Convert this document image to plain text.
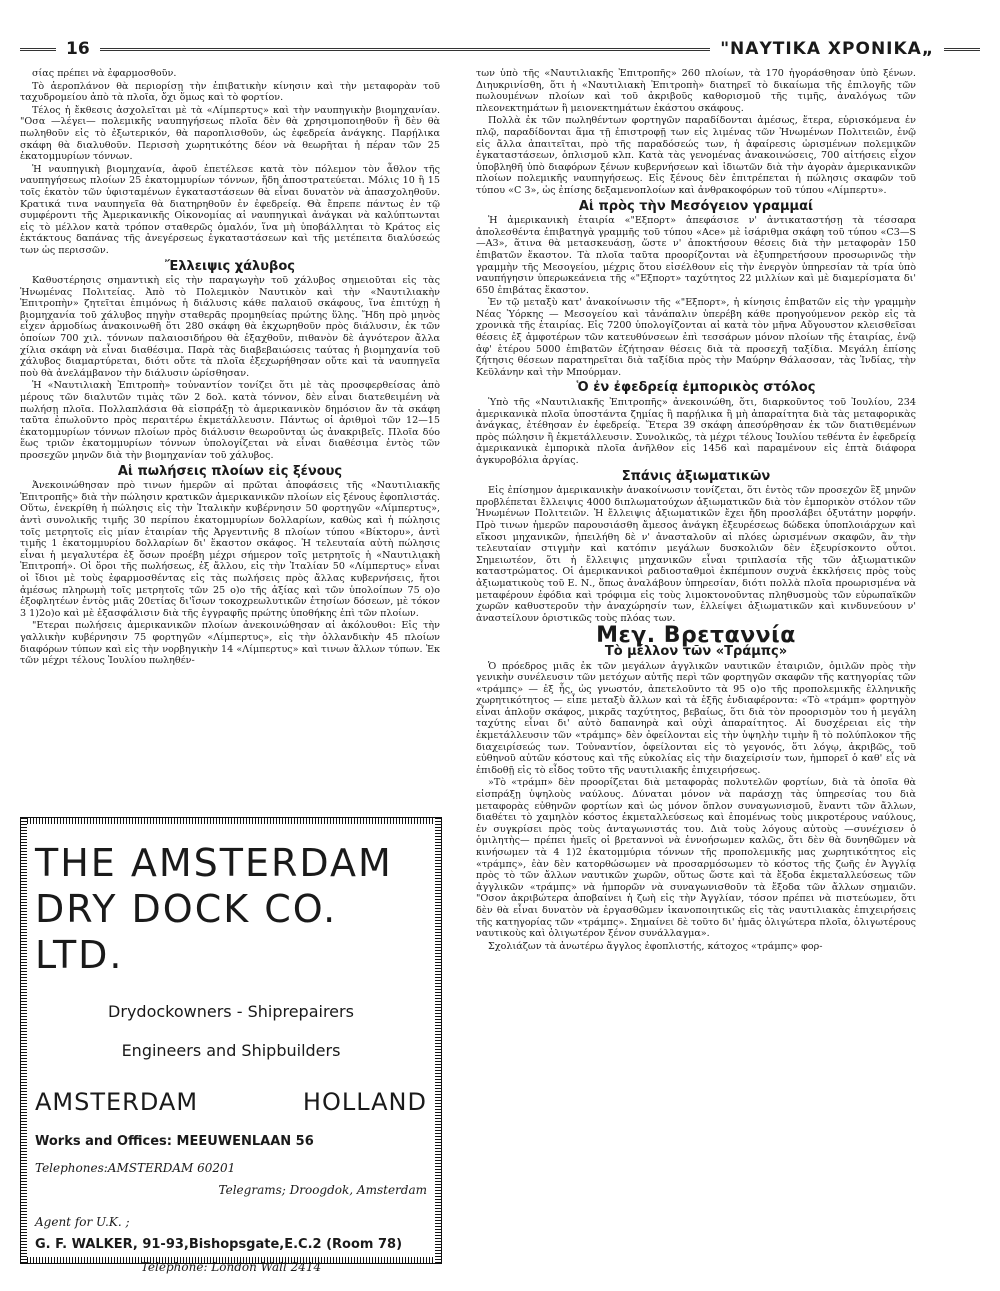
16	"ΝΑΥΤΙΚΑ ΧΡΟΝΙΚΑ„

σίας πρέπει νὰ ἐφαρμοσθοῦν.

Τὸ ἀεροπλάνον θὰ περιορίσῃ τὴν ἐπιβατικὴν κίνησιν καὶ τὴν μεταφορὰν τοῦ ταχυδρομείου ἀπὸ τὰ πλοῖα, ὄχι ὅμως καὶ τὸ φορτίον.

Τέλος ἡ ἔκθεσις ἀσχολεῖται μὲ τὰ «Λίμπερτυς» καὶ τὴν ναυπηγικὴν βιομηχανίαν. "Οσα —λέγει— πολεμικῆς ναυπηγήσεως πλοῖα δὲν θὰ χρησιμοποιηθοῦν ἢ δὲν θὰ πωληθοῦν εἰς τὸ ἐξωτερικόν, θὰ παροπλισθοῦν, ὡς ἐφεδρεία ἀνάγκης. Παρῄλικα σκάφη θὰ διαλυθοῦν. Περισσὴ χωρητικότης δέον νὰ θεωρῆται ἡ πέραν τῶν 25 ἑκατομμυρίων τόννων.

Ἡ ναυπηγικὴ βιομηχανία, ἀφοῦ ἐπετέλεσε κατὰ τὸν πόλεμον τὸν ἆθλον τῆς ναυπηγήσεως πλοίων 25 ἑκατομμυρίων τόννων, ἤδη ἀποστρατεύεται. Μόλις 10 ἢ 15 τοῖς ἑκατὸν τῶν ὑφισταμένων ἐγκαταστάσεων θὰ εἶναι δυνατὸν νὰ ἀπασχοληθοῦν. Κρατικά τινα ναυπηγεῖα θὰ διατηρηθοῦν ἐν ἐφεδρείᾳ. Θὰ ἔπρεπε πάντως ἐν τῷ συμφέροντι τῆς Ἀμερικανικῆς Οἰκονομίας αἱ ναυπηγικαὶ ἀνάγκαι νὰ καλύπτωνται εἰς τὸ μέλλον κατὰ τρόπον σταθερῶς ὁμαλόν, ἵνα μὴ ὑποβάλληται τὸ Κράτος εἰς ἐκτάκτους δαπάνας τῆς ἀνεγέρσεως ἐγκαταστάσεων καὶ τῆς μετέπειτα διαλύσεώς των ὡς περισσῶν.

Ἔλλειψις χάλυβος

Καθυστέρησις σημαντικὴ εἰς τὴν παραγωγὴν τοῦ χάλυβος σημειοῦται εἰς τὰς Ἡνωμένας Πολιτείας. Ἀπὸ τὸ Πολεμικὸν Ναυτικὸν καὶ τὴν «Ναυτιλιακὴν Ἐπιτροπὴν» ζητεῖται ἐπιμόνως ἡ διάλυσις κάθε παλαιοῦ σκάφους, ἵνα ἐπιτύχῃ ἡ βιομηχανία τοῦ χάλυβος πηγὴν σταθερᾶς προμηθείας πρώτης ὕλης. Ἤδη πρὸ μηνὸς εἶχεν ἁρμοδίως ἀνακοινωθῆ ὅτι 280 σκάφη θὰ ἐκχωρηθοῦν πρὸς διάλυσιν, ἐκ τῶν ὁποίων 700 χιλ. τόννων παλαιοσιδήρου θὰ ἐξαχθοῦν, πιθανὸν δὲ ἀγνότερον ἄλλα χίλια σκάφη νὰ εἶναι διαθέσιμα. Παρὰ τὰς διαβεβαιώσεις ταύτας ἡ βιομηχανία τοῦ χάλυβος διαμαρτύρεται, διότι οὔτε τὰ πλοῖα ἐξεχωρήθησαν οὔτε καὶ τὰ ναυπηγεῖα ποὺ θὰ ἀνελάμβανον τὴν διάλυσιν ὡρίσθησαν.

Ἡ «Ναυτιλιακὴ Ἐπιτροπὴ» τοὐναντίον τονίζει ὅτι μὲ τὰς προσφερθείσας ἀπὸ μέρους τῶν διαλυτῶν τιμὰς τῶν 2 δολ. κατὰ τόννον, δὲν εἶναι διατεθειμένη νὰ πωλήσῃ πλοῖα. Πολλαπλάσια θὰ εἰσπράξῃ τὸ ἀμερικανικὸν δημόσιον ἂν τὰ σκάφη ταῦτα ἐπωλοῦντο πρὸς περαιτέρω ἐκμετάλλευσιν. Πάντως οἱ ἀριθμοὶ τῶν 12—15 ἑκατομμυρίων τόννων πλοίων πρὸς διάλυσιν θεωροῦνται ὡς ἀνακριβεῖς. Πλοῖα δύο ἕως τριῶν ἑκατομμυρίων τόννων ὑπολογίζεται νὰ εἶναι διαθέσιμα ἐντὸς τῶν προσεχῶν μηνῶν διὰ τὴν βιομηχανίαν τοῦ χάλυβος.

Αἱ πωλήσεις πλοίων εἰς ξένους

Ἀνεκοινώθησαν πρὸ τινων ἡμερῶν αἱ πρῶται ἀποφάσεις τῆς «Ναυτιλιακῆς Ἐπιτροπῆς» διὰ τὴν πώλησιν κρατικῶν ἀμερικανικῶν πλοίων εἰς ξένους ἐφοπλιστάς. Οὕτω, ἐνεκρίθη ἡ πώλησις εἰς τὴν Ἰταλικὴν κυβέρνησιν 50 φορτηγῶν «Λίμπερτυς», ἀντὶ συνολικῆς τιμῆς 30 περίπου ἑκατομμυρίων δολλαρίων, καθὼς καὶ ἡ πώλησις τοῖς μετρητοῖς εἰς μίαν ἑταιρίαν τῆς Ἀργεντινῆς 8 πλοίων τύπου «Βίκτορυ», ἀντὶ τιμῆς 1 ἑκατομμυρίου δολλαρίων δι' ἕκαστον σκάφος. Ἡ τελευταία αὐτὴ πώλησις εἶναι ἡ μεγαλυτέρα ἐξ ὅσων προέβη μέχρι σήμερον τοῖς μετρητοῖς ἡ «Ναυτιλιακὴ Ἐπιτροπή». Οἱ ὅροι τῆς πωλήσεως, ἐξ ἄλλου, εἰς τὴν Ἰταλίαν 50 «Λίμπερτυς» εἶναι οἱ ἴδιοι μὲ τοὺς ἐφαρμοσθέντας εἰς τὰς πωλήσεις πρὸς ἄλλας κυβερνήσεις, ἤτοι ἀμέσως πληρωμὴ τοῖς μετρητοῖς τῶν 25 ο)ο τῆς ἀξίας καὶ τῶν ὑπολοίπων 75 ο)ο ἐξοφλητέων ἐντὸς μιᾶς 20ετίας δι'ἴσων τοκοχρεωλυτικῶν ἐτησίων δόσεων, μὲ τόκον 3 1)2ο)ο καὶ μὲ ἐξασφάλισιν διὰ τῆς ἐγγραφῆς πρώτης ὑποθήκης ἐπὶ τῶν πλοίων.

"Ετεραι πωλήσεις ἀμερικανικῶν πλοίων ἀνεκοινώθησαν αἱ ἀκόλουθοι: Εἰς τὴν γαλλικὴν κυβέρνησιν 75 φορτηγῶν «Λίμπερτυς», εἰς τὴν ὁλλανδικὴν 45 πλοίων διαφόρων τύπων καὶ εἰς τὴν νορβηγικὴν 14 «Λίμπερτυς» καὶ τινων ἄλλων τύπων. Ἐκ τῶν μέχρι τέλους Ἰουλίου πωληθέν-

THE AMSTERDAM
DRY DOCK CO. LTD.
Drydockowners - Shiprepairers
Engineers and Shipbuilders
AMSTERDAM	HOLLAND
Works and Offices: MEEUWENLAAN 56
Telephones:AMSTERDAM 60201
Telegrams; Droogdok, Amsterdam
Agent for U.K. ;
G. F. WALKER, 91-93,Bishopsgate,E.C.2 (Room 78)
Telephone: London Wall 2414

των ὑπὸ τῆς «Ναυτιλιακῆς Ἐπιτροπῆς» 260 πλοίων, τὰ 170 ἠγοράσθησαν ὑπὸ ξένων. Διηυκρινίσθη, ὅτι ἡ «Ναυτιλιακὴ Ἐπιτροπὴ» διατηρεῖ τὸ δικαίωμα τῆς ἐπιλογῆς τῶν πωλουμένων πλοίων καὶ τοῦ ἀκριβοῦς καθορισμοῦ τῆς τιμῆς, ἀναλόγως τῶν πλεονεκτημάτων ἢ μειονεκτημάτων ἑκάστου σκάφους.

Πολλὰ ἐκ τῶν πωληθέντων φορτηγῶν παραδίδονται ἀμέσως, ἕτερα, εὑρισκόμενα ἐν πλῷ, παραδίδονται ἅμα τῇ ἐπιστροφῇ των εἰς λιμένας τῶν Ἡνωμένων Πολιτειῶν, ἐνῷ εἰς ἄλλα ἀπαιτεῖται, πρὸ τῆς παραδόσεώς των, ἡ ἀφαίρεσις ὡρισμένων πολεμικῶν ἐγκαταστάσεων, ὁπλισμοῦ κλπ. Κατὰ τὰς γενομένας ἀνακοινώσεις, 700 αἰτήσεις εἶχον ὑποβληθῆ ὑπὸ διαφόρων ξένων κυβερνήσεων καὶ ἰδιωτῶν διὰ τὴν ἀγορὰν ἀμερικανικῶν πλοίων πολεμικῆς ναυπηγήσεως. Εἰς ξένους δὲν ἐπιτρέπεται ἡ πώλησις σκαφῶν τοῦ τύπου «C 3», ὡς ἐπίσης δεξαμενοπλοίων καὶ ἀνθρακοφόρων τοῦ τύπου «Λίμπερτυ».

Αἱ πρὸς τὴν Μεσόγειον γραμμαί

Ἡ ἀμερικανικὴ ἑταιρία «"Εξπορτ» ἀπεφάσισε ν' ἀντικαταστήσῃ τὰ τέσσαρα ἀπολεσθέντα ἐπιβατηγὰ γραμμῆς τοῦ τύπου «Ace» μὲ ἰσάριθμα σκάφη τοῦ τύπου «C3—S—A3», ἅτινα θὰ μετασκευάσῃ, ὥστε ν' ἀποκτήσουν θέσεις διὰ τὴν μεταφορὰν 150 ἐπιβατῶν ἕκαστον. Τὰ πλοῖα ταῦτα προορίζονται νὰ ἐξυπηρετήσουν προσωρινῶς τὴν γραμμὴν τῆς Μεσογείου, μέχρις ὅτου εἰσέλθουν εἰς τὴν ἐνεργὸν ὑπηρεσίαν τὰ τρία ὑπὸ ναυπήγησιν ὑπερωκεάνεια τῆς «"Εξπορτ» ταχύτητος 22 μιλλίων καὶ μὲ διαμερίσματα δι' 650 ἐπιβάτας ἕκαστον.

Ἐν τῷ μεταξὺ κατ' ἀνακοίνωσιν τῆς «"Εξπορτ», ἡ κίνησις ἐπιβατῶν εἰς τὴν γραμμὴν Νέας Ὑόρκης — Μεσογείου καὶ τἀνάπαλιν ὑπερέβη κάθε προηγούμενον ρεκὸρ εἰς τὰ χρονικὰ τῆς ἑταιρίας. Εἰς 7200 ὑπολογίζονται αἱ κατὰ τὸν μῆνα Αὔγουστον κλεισθεῖσαι θέσεις ἐξ ἀμφοτέρων τῶν κατευθύνσεων ἐπὶ τεσσάρων μόνον πλοίων τῆς ἑταιρίας, ἐνῷ ἀφ' ἑτέρου 5000 ἐπιβατῶν ἐζήτησαν θέσεις διὰ τὰ προσεχῆ ταξίδια. Μεγάλη ἐπίσης ζήτησις θέσεων παρατηρεῖται διὰ ταξίδια πρὸς τὴν Μαύρην Θάλασσαν, τὰς Ἰνδίας, τὴν Κεϋλάνην καὶ τὴν Μπούρμαν.

Ὁ ἐν ἐφεδρείᾳ ἐμπορικὸς στόλος

Ὑπὸ τῆς «Ναυτιλιακῆς Ἐπιτροπῆς» ἀνεκοινώθη, ὅτι, διαρκοῦντος τοῦ Ἰουλίου, 234 ἀμερικανικὰ πλοῖα ὑποστάντα ζημίας ἢ παρῄλικα ἢ μὴ ἀπαραίτητα διὰ τὰς μεταφορικὰς ἀνάγκας, ἐτέθησαν ἐν ἐφεδρείᾳ. Ἕτερα 39 σκάφη ἀπεσύρθησαν ἐκ τῶν διατιθεμένων πρὸς πώλησιν ἢ ἐκμετάλλευσιν. Συνολικῶς, τὰ μέχρι τέλους Ἰουλίου τεθέντα ἐν ἐφεδρείᾳ ἀμερικανικὰ ἐμπορικὰ πλοῖα ἀνῆλθον εἰς 1456 καὶ παραμένουν εἰς ἑπτὰ διάφορα ἀγκυροβόλια ἀργίας.

Σπάνις ἀξιωματικῶν

Εἰς ἐπίσημον ἀμερικανικὴν ἀνακοίνωσιν τονίζεται, ὅτι ἐντὸς τῶν προσεχῶν ἓξ μηνῶν προβλέπεται ἔλλειψις 4000 διπλωματούχων ἀξιωματικῶν διὰ τὸν ἐμπορικὸν στόλον τῶν Ἡνωμένων Πολιτειῶν. Ἡ ἔλλειψις ἀξιωματικῶν ἔχει ἤδη προσλάβει ὀξυτάτην μορφήν. Πρὸ τινων ἡμερῶν παρουσιάσθη ἄμεσος ἀνάγκη ἐξευρέσεως δώδεκα ὑποπλοιάρχων καὶ εἴκοσι μηχανικῶν, ἠπειλήθη δὲ ν' ἀνασταλοῦν αἱ πλόες ὡρισμένων σκαφῶν, ἂν τὴν τελευταίαν στιγμὴν καὶ κατόπιν μεγάλων δυσκολιῶν δὲν ἐξευρίσκοντο οὗτοι. Σημειωτέον, ὅτι ἡ ἔλλειψις μηχανικῶν εἶναι τριπλασία τῆς τῶν ἀξιωματικῶν καταστρώματος. Οἱ ἀμερικανικοὶ ραδιοσταθμοὶ ἐκπέμπουν συχνὰ ἐκκλήσεις πρὸς τοὺς ἀξιωματικοὺς τοῦ Ε. Ν., ὅπως ἀναλάβουν ὑπηρεσίαν, διότι πολλὰ πλοῖα προωρισμένα νὰ μεταφέρουν ἐφόδια καὶ τρόφιμα εἰς τοὺς λιμοκτονοῦντας πληθυσμοὺς τῶν εὐρωπαϊκῶν χωρῶν καθυστεροῦν τὴν ἀναχώρησίν των, ἐλλείψει ἀξιωματικῶν καὶ κινδυνεύουν ν' ἀναστείλουν ὁριστικῶς τοὺς πλόας των.

Μεγ. Βρεταννία
Τὸ μέλλον τῶν «Τράμπς»

Ὁ πρόεδρος μιᾶς ἐκ τῶν μεγάλων ἀγγλικῶν ναυτικῶν ἑταιριῶν, ὁμιλῶν πρὸς τὴν γενικὴν συνέλευσιν τῶν μετόχων αὐτῆς περὶ τῶν φορτηγῶν σκαφῶν τῆς κατηγορίας τῶν «τράμπς» — ἐξ ἧς, ὡς γνωστόν, ἀπετελοῦντο τὰ 95 ο)ο τῆς προπολεμικῆς ἑλληνικῆς χωρητικότητος — εἶπε μεταξὺ ἄλλων καὶ τὰ ἑξῆς ἐνδιαφέροντα: «Τὸ «τράμπ» φορτηγὸν εἶναι ἁπλοῦν σκάφος, μικρᾶς ταχύτητος, βεβαίως, ὅτι διὰ τὸν προορισμὸν του ἡ μεγάλη ταχύτης εἶναι δι' αὐτὸ δαπανηρὰ καὶ οὐχὶ ἀπαραίτητος. Αἱ δυσχέρειαι εἰς τὴν ἐκμετάλλευσιν τῶν «τράμπς» δὲν ὀφείλονται εἰς τὴν ὑψηλὴν τιμὴν ἢ τὸ πολύπλοκον τῆς διαχειρίσεώς των. Τοὐναντίον, ὀφείλονται εἰς τὸ γεγονός, ὅτι λόγῳ, ἀκριβῶς, τοῦ εὐθηνοῦ αὐτῶν κόστους καὶ τῆς εὐκολίας εἰς τὴν διαχείρισίν των, ἠμπορεῖ ὁ καθ' εἷς νὰ ἐπιδοθῇ εἰς τὸ εἶδος τοῦτο τῆς ναυτιλιακῆς ἐπιχειρήσεως.

»Τὸ «τράμπ» δὲν προορίζεται διὰ μεταφορὰς πολυτελῶν φορτίων, διὰ τὰ ὁποῖα θὰ εἰσπράξῃ ὑψηλοὺς ναύλους. Δύναται μόνον νὰ παράσχῃ τὰς ὑπηρεσίας του διὰ μεταφορὰς εὐθηνῶν φορτίων καὶ ὡς μόνον ὅπλον συναγωνισμοῦ, ἔναντι τῶν ἄλλων, διαθέτει τὸ χαμηλὸν κόστος ἐκμεταλλεύσεως καὶ ἑπομένως τοὺς μικροτέρους ναύλους, ἐν συγκρίσει πρὸς τοὺς ἀνταγωνιστάς του. Διὰ τοὺς λόγους αὐτοὺς —συνέχισεν ὁ ὁμιλητὴς— πρέπει ἡμεῖς οἱ βρεταννοὶ νὰ ἐννοήσωμεν καλῶς, ὅτι δὲν θὰ δυνηθῶμεν νὰ κινήσωμεν τὰ 4 1)2 ἑκατομμύρια τόννων τῆς προπολεμικῆς μας χωρητικότητος εἰς «τράμπς», ἐὰν δὲν κατορθώσωμεν νὰ προσαρμόσωμεν τὸ κόστος τῆς ζωῆς ἐν Ἀγγλίᾳ πρὸς τὸ τῶν ἄλλων ναυτικῶν χωρῶν, οὕτως ὥστε καὶ τὰ ἔξοδα ἐκμεταλλεύσεως τῶν ἀγγλικῶν «τράμπς» νὰ ἠμπορῶν νὰ συναγωνισθοῦν τὰ ἔξοδα τῶν ἄλλων σημαιῶν. "Οσον ἀκριβώτερα ἀποβαίνει ἡ ζωὴ εἰς τὴν Ἀγγλίαν, τόσον πρέπει νὰ πιστεύωμεν, ὅτι δὲν θὰ εἶναι δυνατὸν νὰ ἐργασθῶμεν ἱκανοποιητικῶς εἰς τὰς ναυτιλιακὰς ἐπιχειρήσεις τῆς κατηγορίας τῶν «τράμπς». Σημαίνει δὲ τοῦτο δι' ἡμᾶς ὀλιγώτερα πλοῖα, ὀλιγωτέρους ναυτικοὺς καὶ ὀλιγωτέρον ξένον συνάλλαγμα».

Σχολιάζων τὰ ἀνωτέρω ἄγγλος ἐφοπλιστής, κάτοχος «τράμπς» φορ-
